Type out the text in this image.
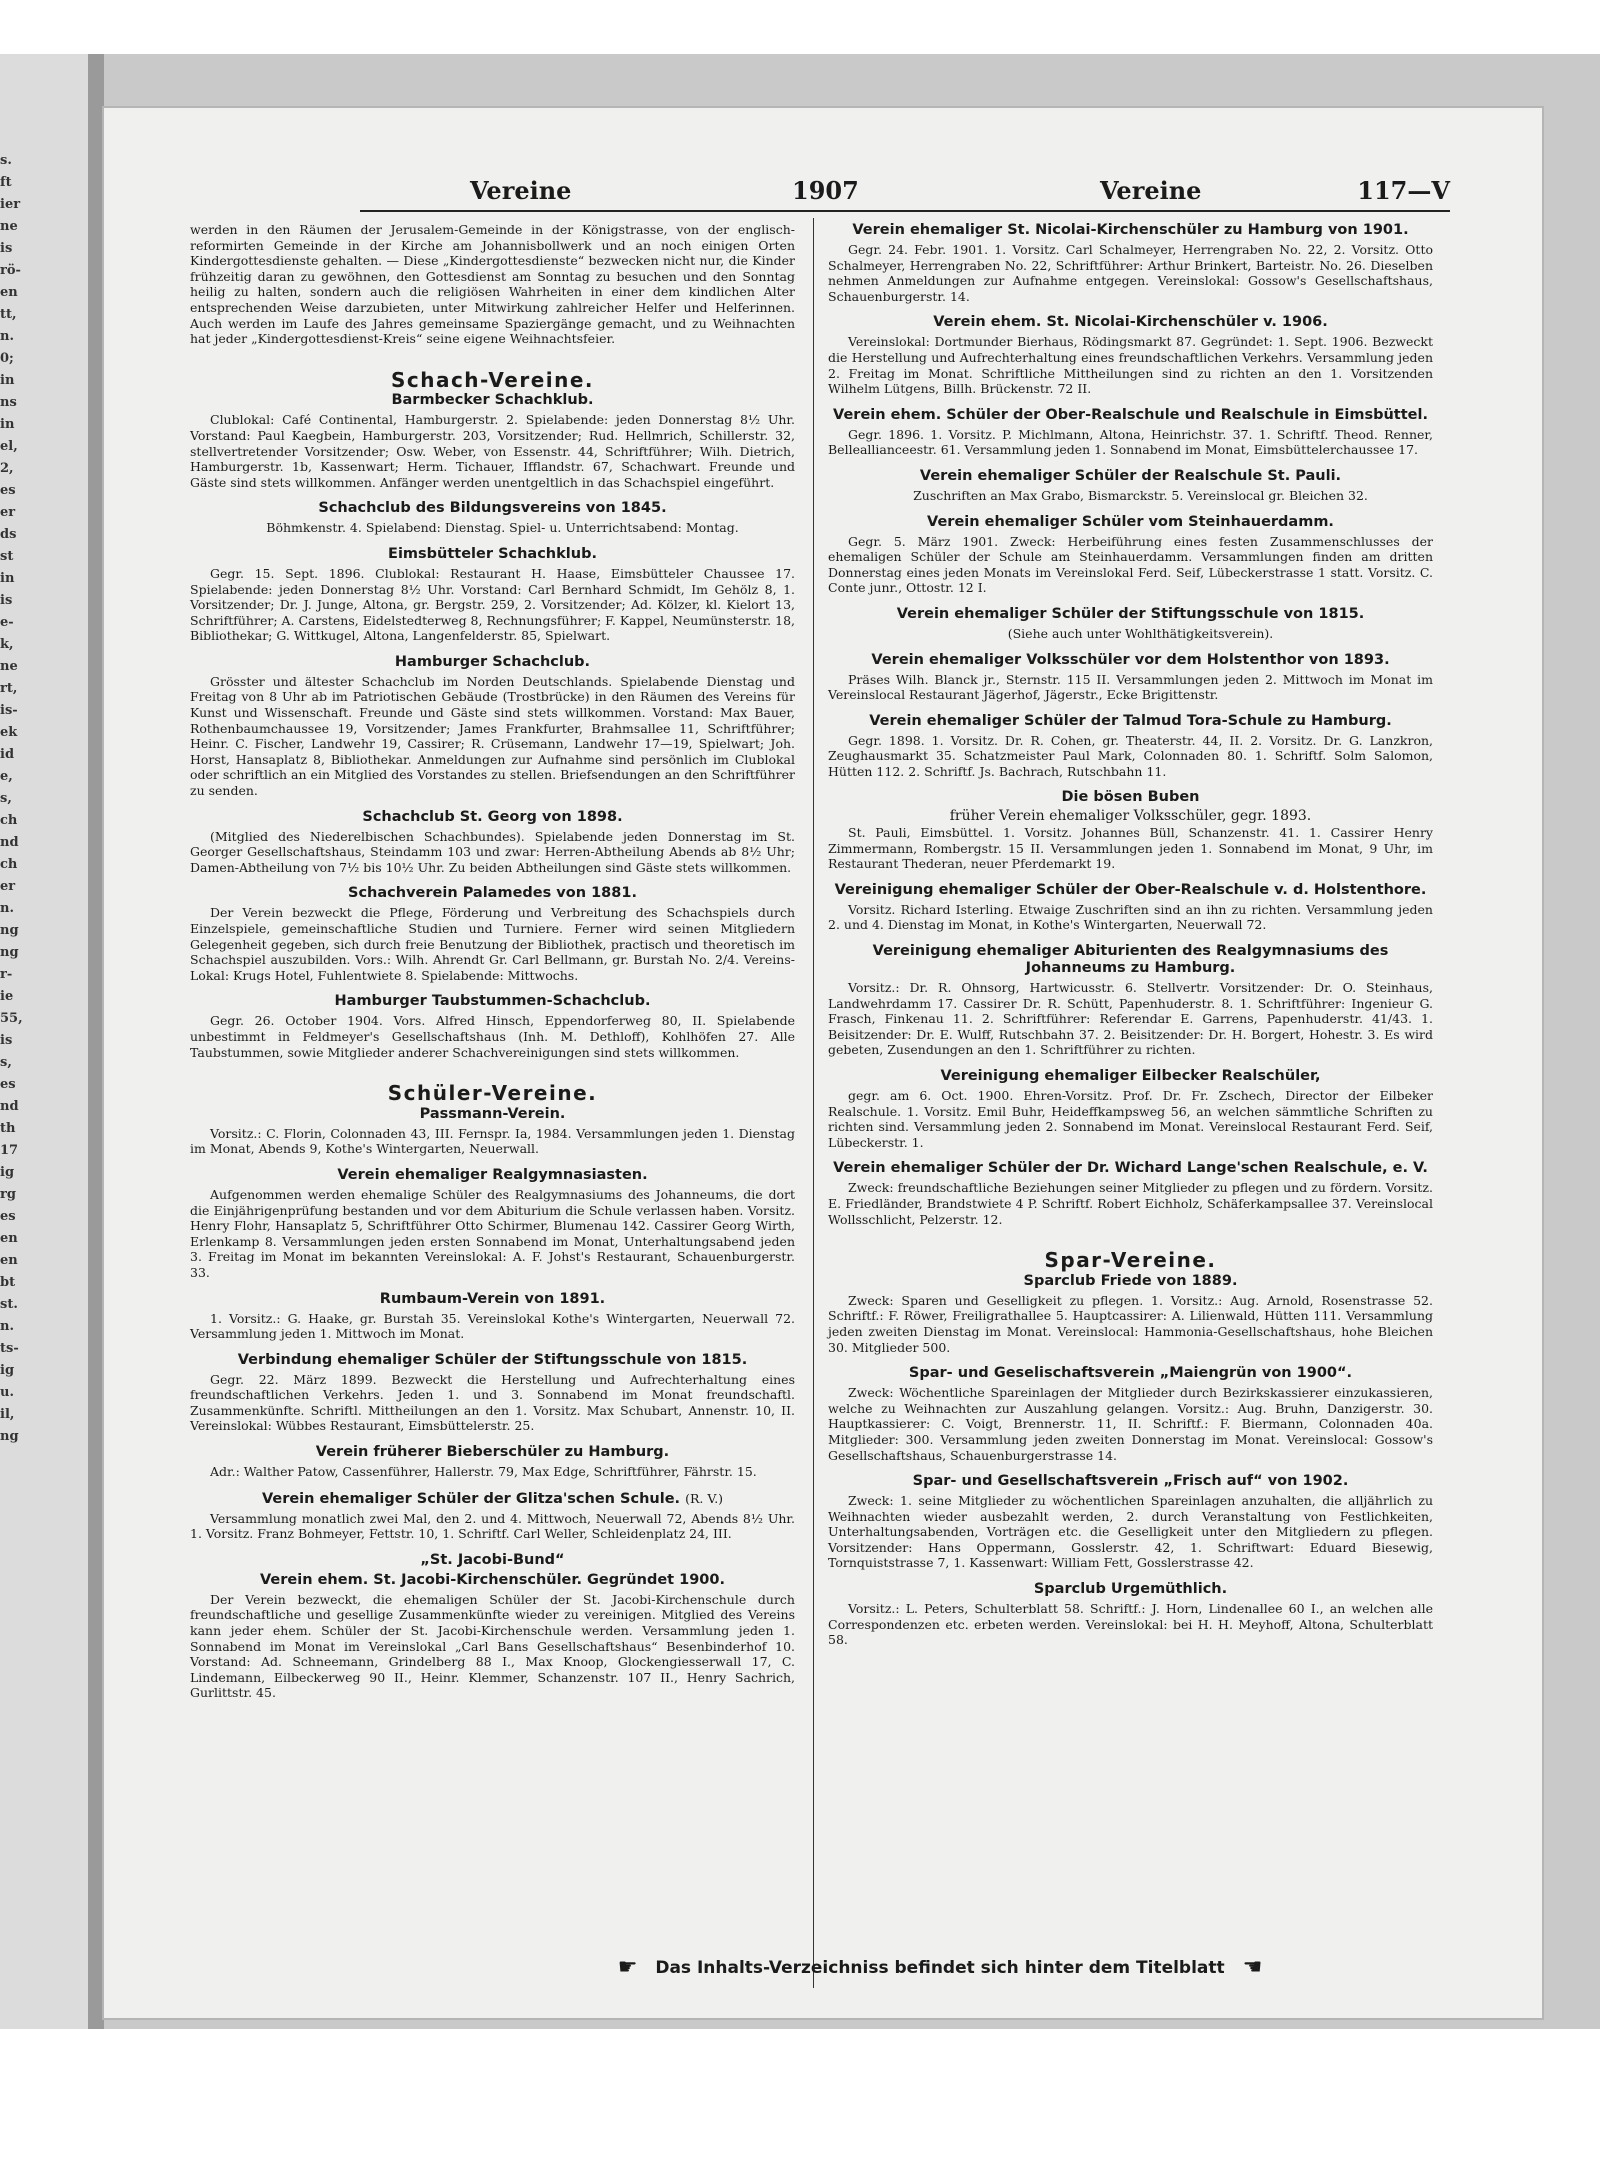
s.
ft
ier
ne
is
rö-
en
tt,
n.
0;
in
ns
in
el,
2,
es
er
ds
st
in
is
e-
k,
ne
rt,
is-
ek
id
e,
s,
ch
nd
ch
er
n.
ng
ng
r-
ie
55,
is
s,
es
nd
th
17
ig
rg
es
en
en
bt
st.
n.
ts-
ig
u.
il,
ng
Vereine	1907	Vereine	117—V

werden in den Räumen der Jerusalem-Gemeinde in der Königstrasse, von der englisch-reformirten Gemeinde in der Kirche am Johannisbollwerk und an noch einigen Orten Kindergottesdienste gehalten. — Diese „Kindergottesdienste“ bezwecken nicht nur, die Kinder frühzeitig daran zu gewöhnen, den Gottesdienst am Sonntag zu besuchen und den Sonntag heilig zu halten, sondern auch die religiösen Wahrheiten in einer dem kindlichen Alter entsprechenden Weise darzubieten, unter Mitwirkung zahlreicher Helfer und Helferinnen. Auch werden im Laufe des Jahres gemeinsame Spaziergänge gemacht, und zu Weihnachten hat jeder „Kindergottesdienst-Kreis“ seine eigene Weihnachtsfeier.

Schach-Vereine.
Barmbecker Schachklub.

Clublokal: Café Continental, Hamburgerstr. 2. Spielabende: jeden Donnerstag 8½ Uhr. Vorstand: Paul Kaegbein, Hamburgerstr. 203, Vorsitzender; Rud. Hellmrich, Schillerstr. 32, stellvertretender Vorsitzender; Osw. Weber, von Essenstr. 44, Schriftführer; Wilh. Dietrich, Hamburgerstr. 1b, Kassenwart; Herm. Tichauer, Ifflandstr. 67, Schachwart. Freunde und Gäste sind stets willkommen. Anfänger werden unentgeltlich in das Schachspiel eingeführt.

Schachclub des Bildungsvereins von 1845.

Böhmkenstr. 4. Spielabend: Dienstag. Spiel- u. Unterrichtsabend: Montag.

Eimsbütteler Schachklub.

Gegr. 15. Sept. 1896. Clublokal: Restaurant H. Haase, Eimsbütteler Chaussee 17. Spielabende: jeden Donnerstag 8½ Uhr. Vorstand: Carl Bernhard Schmidt, Im Gehölz 8, 1. Vorsitzender; Dr. J. Junge, Altona, gr. Bergstr. 259, 2. Vorsitzender; Ad. Kölzer, kl. Kielort 13, Schriftführer; A. Carstens, Eidelstedterweg 8, Rechnungsführer; F. Kappel, Neumünsterstr. 18, Bibliothekar; G. Wittkugel, Altona, Langenfelderstr. 85, Spielwart.

Hamburger Schachclub.

Grösster und ältester Schachclub im Norden Deutschlands. Spielabende Dienstag und Freitag von 8 Uhr ab im Patriotischen Gebäude (Trostbrücke) in den Räumen des Vereins für Kunst und Wissenschaft. Freunde und Gäste sind stets willkommen. Vorstand: Max Bauer, Rothenbaumchaussee 19, Vorsitzender; James Frankfurter, Brahmsallee 11, Schriftführer; Heinr. C. Fischer, Landwehr 19, Cassirer; R. Crüsemann, Landwehr 17—19, Spielwart; Joh. Horst, Hansaplatz 8, Bibliothekar. Anmeldungen zur Aufnahme sind persönlich im Clublokal oder schriftlich an ein Mitglied des Vorstandes zu stellen. Briefsendungen an den Schriftführer zu senden.

Schachclub St. Georg von 1898.

(Mitglied des Niederelbischen Schachbundes). Spielabende jeden Donnerstag im St. Georger Gesellschaftshaus, Steindamm 103 und zwar: Herren-Abtheilung Abends ab 8½ Uhr; Damen-Abtheilung von 7½ bis 10½ Uhr. Zu beiden Abtheilungen sind Gäste stets willkommen.

Schachverein Palamedes von 1881.

Der Verein bezweckt die Pflege, Förderung und Verbreitung des Schachspiels durch Einzelspiele, gemeinschaftliche Studien und Turniere. Ferner wird seinen Mitgliedern Gelegenheit gegeben, sich durch freie Benutzung der Bibliothek, practisch und theoretisch im Schachspiel auszubilden. Vors.: Wilh. Ahrendt Gr. Carl Bellmann, gr. Burstah No. 2/4. Vereins-Lokal: Krugs Hotel, Fuhlentwiete 8. Spielabende: Mittwochs.

Hamburger Taubstummen-Schachclub.

Gegr. 26. October 1904. Vors. Alfred Hinsch, Eppendorferweg 80, II. Spielabende unbestimmt in Feldmeyer's Gesellschaftshaus (Inh. M. Dethloff), Kohlhöfen 27. Alle Taubstummen, sowie Mitglieder anderer Schachvereinigungen sind stets willkommen.

Schüler-Vereine.
Passmann-Verein.

Vorsitz.: C. Florin, Colonnaden 43, III. Fernspr. Ia, 1984. Versammlungen jeden 1. Dienstag im Monat, Abends 9, Kothe's Wintergarten, Neuerwall.

Verein ehemaliger Realgymnasiasten.

Aufgenommen werden ehemalige Schüler des Realgymnasiums des Johanneums, die dort die Einjährigenprüfung bestanden und vor dem Abiturium die Schule verlassen haben. Vorsitz. Henry Flohr, Hansaplatz 5, Schriftführer Otto Schirmer, Blumenau 142. Cassirer Georg Wirth, Erlenkamp 8. Versammlungen jeden ersten Sonnabend im Monat, Unterhaltungsabend jeden 3. Freitag im Monat im bekannten Vereinslokal: A. F. Johst's Restaurant, Schauenburgerstr. 33.

Rumbaum-Verein von 1891.

1. Vorsitz.: G. Haake, gr. Burstah 35. Vereinslokal Kothe's Wintergarten, Neuerwall 72. Versammlung jeden 1. Mittwoch im Monat.

Verbindung ehemaliger Schüler der Stiftungsschule von 1815.

Gegr. 22. März 1899. Bezweckt die Herstellung und Aufrechterhaltung eines freundschaftlichen Verkehrs. Jeden 1. und 3. Sonnabend im Monat freundschaftl. Zusammenkünfte. Schriftl. Mittheilungen an den 1. Vorsitz. Max Schubart, Annenstr. 10, II. Vereinslokal: Wübbes Restaurant, Eimsbüttelerstr. 25.

Verein früherer Bieberschüler zu Hamburg.

Adr.: Walther Patow, Cassenführer, Hallerstr. 79, Max Edge, Schriftführer, Fährstr. 15.

Verein ehemaliger Schüler der Glitza'schen Schule. (R. V.)

Versammlung monatlich zwei Mal, den 2. und 4. Mittwoch, Neuerwall 72, Abends 8½ Uhr. 1. Vorsitz. Franz Bohmeyer, Fettstr. 10, 1. Schriftf. Carl Weller, Schleidenplatz 24, III.

„St. Jacobi-Bund“
Verein ehem. St. Jacobi-Kirchenschüler. Gegründet 1900.

Der Verein bezweckt, die ehemaligen Schüler der St. Jacobi-Kirchenschule durch freundschaftliche und gesellige Zusammenkünfte wieder zu vereinigen. Mitglied des Vereins kann jeder ehem. Schüler der St. Jacobi-Kirchenschule werden. Versammlung jeden 1. Sonnabend im Monat im Vereinslokal „Carl Bans Gesellschaftshaus“ Besenbinderhof 10. Vorstand: Ad. Schneemann, Grindelberg 88 I., Max Knoop, Glockengiesserwall 17, C. Lindemann, Eilbeckerweg 90 II., Heinr. Klemmer, Schanzenstr. 107 II., Henry Sachrich, Gurlittstr. 45.

Verein ehemaliger St. Nicolai-Kirchenschüler zu Hamburg von 1901.

Gegr. 24. Febr. 1901. 1. Vorsitz. Carl Schalmeyer, Herrengraben No. 22, 2. Vorsitz. Otto Schalmeyer, Herrengraben No. 22, Schriftführer: Arthur Brinkert, Barteistr. No. 26. Dieselben nehmen Anmeldungen zur Aufnahme entgegen. Vereinslokal: Gossow's Gesellschaftshaus, Schauenburgerstr. 14.

Verein ehem. St. Nicolai-Kirchenschüler v. 1906.

Vereinslokal: Dortmunder Bierhaus, Rödingsmarkt 87. Gegründet: 1. Sept. 1906. Bezweckt die Herstellung und Aufrechterhaltung eines freundschaftlichen Verkehrs. Versammlung jeden 2. Freitag im Monat. Schriftliche Mittheilungen sind zu richten an den 1. Vorsitzenden Wilhelm Lütgens, Billh. Brückenstr. 72 II.

Verein ehem. Schüler der Ober-Realschule und Realschule in Eimsbüttel.

Gegr. 1896. 1. Vorsitz. P. Michlmann, Altona, Heinrichstr. 37. 1. Schriftf. Theod. Renner, Belleallianceestr. 61. Versammlung jeden 1. Sonnabend im Monat, Eimsbüttelerchaussee 17.

Verein ehemaliger Schüler der Realschule St. Pauli.

Zuschriften an Max Grabo, Bismarckstr. 5. Vereinslocal gr. Bleichen 32.

Verein ehemaliger Schüler vom Steinhauerdamm.

Gegr. 5. März 1901. Zweck: Herbeiführung eines festen Zusammenschlusses der ehemaligen Schüler der Schule am Steinhauerdamm. Versammlungen finden am dritten Donnerstag eines jeden Monats im Vereinslokal Ferd. Seif, Lübeckerstrasse 1 statt. Vorsitz. C. Conte junr., Ottostr. 12 I.

Verein ehemaliger Schüler der Stiftungsschule von 1815.

(Siehe auch unter Wohlthätigkeitsverein).

Verein ehemaliger Volksschüler vor dem Holstenthor von 1893.

Präses Wilh. Blanck jr., Sternstr. 115 II. Versammlungen jeden 2. Mittwoch im Monat im Vereinslocal Restaurant Jägerhof, Jägerstr., Ecke Brigittenstr.

Verein ehemaliger Schüler der Talmud Tora-Schule zu Hamburg.

Gegr. 1898. 1. Vorsitz. Dr. R. Cohen, gr. Theaterstr. 44, II. 2. Vorsitz. Dr. G. Lanzkron, Zeughausmarkt 35. Schatzmeister Paul Mark, Colonnaden 80. 1. Schriftf. Solm Salomon, Hütten 112. 2. Schriftf. Js. Bachrach, Rutschbahn 11.

Die bösen Buben
früher Verein ehemaliger Volksschüler, gegr. 1893.

St. Pauli, Eimsbüttel. 1. Vorsitz. Johannes Büll, Schanzenstr. 41. 1. Cassirer Henry Zimmermann, Rombergstr. 15 II. Versammlungen jeden 1. Sonnabend im Monat, 9 Uhr, im Restaurant Thederan, neuer Pferdemarkt 19.

Vereinigung ehemaliger Schüler der Ober-Realschule v. d. Holstenthore.

Vorsitz. Richard Isterling. Etwaige Zuschriften sind an ihn zu richten. Versammlung jeden 2. und 4. Dienstag im Monat, in Kothe's Wintergarten, Neuerwall 72.

Vereinigung ehemaliger Abiturienten des Realgymnasiums des Johanneums zu Hamburg.

Vorsitz.: Dr. R. Ohnsorg, Hartwicusstr. 6. Stellvertr. Vorsitzender: Dr. O. Steinhaus, Landwehrdamm 17. Cassirer Dr. R. Schütt, Papenhuderstr. 8. 1. Schriftführer: Ingenieur G. Frasch, Finkenau 11. 2. Schriftführer: Referendar E. Garrens, Papenhuderstr. 41/43. 1. Beisitzender: Dr. E. Wulff, Rutschbahn 37. 2. Beisitzender: Dr. H. Borgert, Hohestr. 3. Es wird gebeten, Zusendungen an den 1. Schriftführer zu richten.

Vereinigung ehemaliger Eilbecker Realschüler,

gegr. am 6. Oct. 1900. Ehren-Vorsitz. Prof. Dr. Fr. Zschech, Director der Eilbeker Realschule. 1. Vorsitz. Emil Buhr, Heideffkampsweg 56, an welchen sämmtliche Schriften zu richten sind. Versammlung jeden 2. Sonnabend im Monat. Vereinslocal Restaurant Ferd. Seif, Lübeckerstr. 1.

Verein ehemaliger Schüler der Dr. Wichard Lange'schen Realschule, e. V.

Zweck: freundschaftliche Beziehungen seiner Mitglieder zu pflegen und zu fördern. Vorsitz. E. Friedländer, Brandstwiete 4 P. Schriftf. Robert Eichholz, Schäferkampsallee 37. Vereinslocal Wollsschlicht, Pelzerstr. 12.

Spar-Vereine.
Sparclub Friede von 1889.

Zweck: Sparen und Geselligkeit zu pflegen. 1. Vorsitz.: Aug. Arnold, Rosenstrasse 52. Schriftf.: F. Röwer, Freiligrathallee 5. Hauptcassirer: A. Lilienwald, Hütten 111. Versammlung jeden zweiten Dienstag im Monat. Vereinslocal: Hammonia-Gesellschaftshaus, hohe Bleichen 30. Mitglieder 500.

Spar- und Geselischaftsverein „Maiengrün von 1900“.

Zweck: Wöchentliche Spareinlagen der Mitglieder durch Bezirkskassierer einzukassieren, welche zu Weihnachten zur Auszahlung gelangen. Vorsitz.: Aug. Bruhn, Danzigerstr. 30. Hauptkassierer: C. Voigt, Brennerstr. 11, II. Schriftf.: F. Biermann, Colonnaden 40a. Mitglieder: 300. Versammlung jeden zweiten Donnerstag im Monat. Vereinslocal: Gossow's Gesellschaftshaus, Schauenburgerstrasse 14.

Spar- und Gesellschaftsverein „Frisch auf“ von 1902.

Zweck: 1. seine Mitglieder zu wöchentlichen Spareinlagen anzuhalten, die alljährlich zu Weihnachten wieder ausbezahlt werden, 2. durch Veranstaltung von Festlichkeiten, Unterhaltungsabenden, Vorträgen etc. die Geselligkeit unter den Mitgliedern zu pflegen. Vorsitzender: Hans Oppermann, Gosslerstr. 42, 1. Schriftwart: Eduard Biesewig, Tornquiststrasse 7, 1. Kassenwart: William Fett, Gosslerstrasse 42.

Sparclub Urgemüthlich.

Vorsitz.: L. Peters, Schulterblatt 58. Schriftf.: J. Horn, Lindenallee 60 I., an welchen alle Correspondenzen etc. erbeten werden. Vereinslokal: bei H. H. Meyhoff, Altona, Schulterblatt 58.

☛ Das Inhalts-Verzeichniss befindet sich hinter dem Titelblatt ☚
